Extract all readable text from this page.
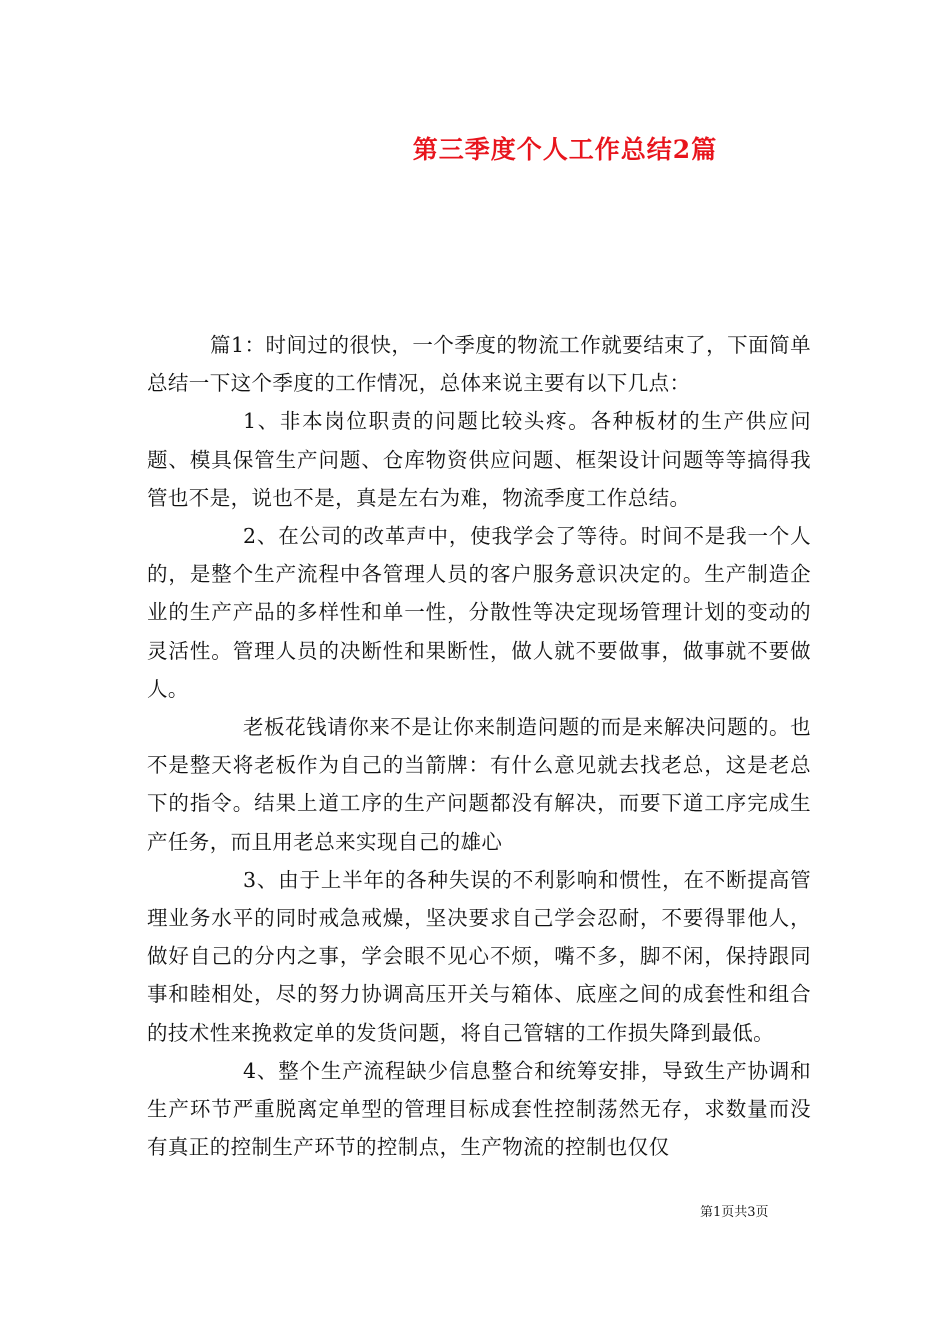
第三季度个人工作总结2篇

篇1：时间过的很快，一个季度的物流工作就要结束了，下面简单总结一下这个季度的工作情况，总体来说主要有以下几点：

1、非本岗位职责的问题比较头疼。各种板材的生产供应问题、模具保管生产问题、仓库物资供应问题、框架设计问题等等搞得我管也不是，说也不是，真是左右为难，物流季度工作总结。

2、在公司的改革声中，使我学会了等待。时间不是我一个人的，是整个生产流程中各管理人员的客户服务意识决定的。生产制造企业的生产产品的多样性和单一性，分散性等决定现场管理计划的变动的灵活性。管理人员的决断性和果断性，做人就不要做事，做事就不要做人。

老板花钱请你来不是让你来制造问题的而是来解决问题的。也不是整天将老板作为自己的当箭牌：有什么意见就去找老总，这是老总下的指令。结果上道工序的生产问题都没有解决，而要下道工序完成生产任务，而且用老总来实现自己的雄心

3、由于上半年的各种失误的不利影响和惯性，在不断提高管理业务水平的同时戒急戒燥，坚决要求自己学会忍耐，不要得罪他人，做好自己的分内之事，学会眼不见心不烦，嘴不多，脚不闲，保持跟同事和睦相处，尽的努力协调高压开关与箱体、底座之间的成套性和组合的技术性来挽救定单的发货问题，将自己管辖的工作损失降到最低。

4、整个生产流程缺少信息整合和统筹安排，导致生产协调和生产环节严重脱离定单型的管理目标成套性控制荡然无存，求数量而没有真正的控制生产环节的控制点，生产物流的控制也仅仅

第1页共3页
